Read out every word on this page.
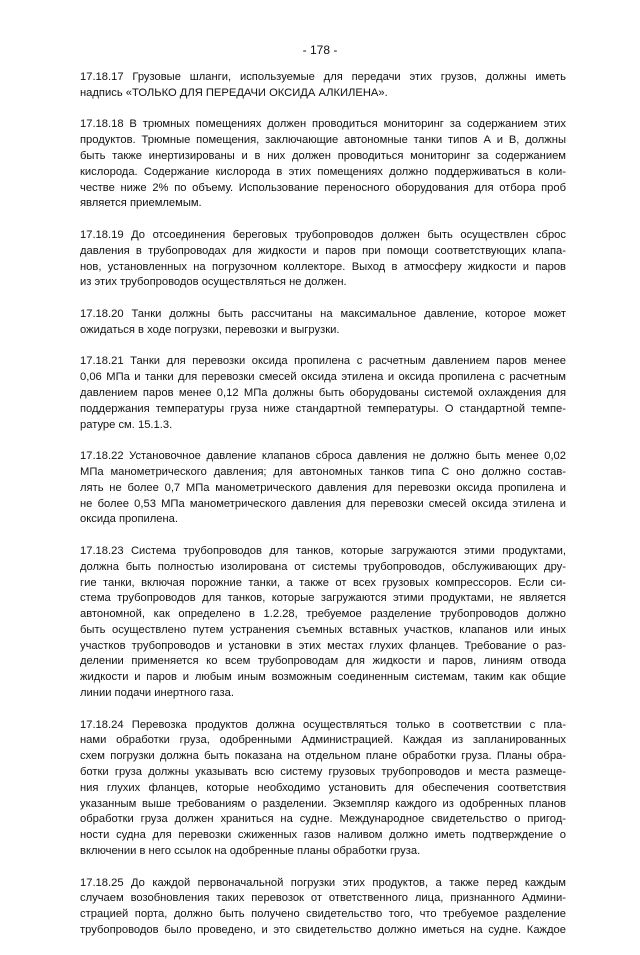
- 178 -
17.18.17 Грузовые шланги, используемые для передачи этих грузов, должны иметь
надпись «ТОЛЬКО ДЛЯ ПЕРЕДАЧИ ОКСИДА АЛКИЛЕНА».
17.18.18 В трюмных помещениях должен проводиться мониторинг за содержанием этих
продуктов. Трюмные помещения, заключающие автономные танки типов А и В, должны
быть также инертизированы и в них должен проводиться мониторинг за содержанием
кислорода. Содержание кислорода в этих помещениях должно поддерживаться в коли-
честве ниже 2% по объему. Использование переносного оборудования для отбора проб
является приемлемым.
17.18.19 До отсоединения береговых трубопроводов должен быть осуществлен сброс
давления в трубопроводах для жидкости и паров при помощи соответствующих клапа-
нов, установленных на погрузочном коллекторе. Выход в атмосферу жидкости и паров
из этих трубопроводов осуществляться не должен.
17.18.20 Танки должны быть рассчитаны на максимальное давление, которое может
ожидаться в ходе погрузки, перевозки и выгрузки.
17.18.21 Танки для перевозки оксида пропилена с расчетным давлением паров менее
0,06 МПа и танки для перевозки смесей оксида этилена и оксида пропилена с расчетным
давлением паров менее 0,12 МПа должны быть оборудованы системой охлаждения для
поддержания температуры груза ниже стандартной температуры. О стандартной темпе-
ратуре см. 15.1.3.
17.18.22 Установочное давление клапанов сброса давления не должно быть менее 0,02
МПа манометрического давления; для автономных танков типа С оно должно состав-
лять не более 0,7 МПа манометрического давления для перевозки оксида пропилена и
не более 0,53 МПа манометрического давления для перевозки смесей оксида этилена и
оксида пропилена.
17.18.23 Система трубопроводов для танков, которые загружаются этими продуктами,
должна быть полностью изолирована от системы трубопроводов, обслуживающих дру-
гие танки, включая порожние танки, а также от всех грузовых компрессоров. Если си-
стема трубопроводов для танков, которые загружаются этими продуктами, не является
автономной, как определено в 1.2.28, требуемое разделение трубопроводов должно
быть осуществлено путем устранения съемных вставных участков, клапанов или иных
участков трубопроводов и установки в этих местах глухих фланцев. Требование о раз-
делении применяется ко всем трубопроводам для жидкости и паров, линиям отвода
жидкости и паров и любым иным возможным соединенным системам, таким как общие
линии подачи инертного газа.
17.18.24 Перевозка продуктов должна осуществляться только в соответствии с пла-
нами обработки груза, одобренными Администрацией. Каждая из запланированных
схем погрузки должна быть показана на отдельном плане обработки груза. Планы обра-
ботки груза должны указывать всю систему грузовых трубопроводов и места размеще-
ния глухих фланцев, которые необходимо установить для обеспечения соответствия
указанным выше требованиям о разделении. Экземпляр каждого из одобренных планов
обработки груза должен храниться на судне. Международное свидетельство о пригод-
ности судна для перевозки сжиженных газов наливом должно иметь подтверждение о
включении в него ссылок на одобренные планы обработки груза.
17.18.25 До каждой первоначальной погрузки этих продуктов, а также перед каждым
случаем возобновления таких перевозок от ответственного лица, признанного Админи-
страцией порта, должно быть получено свидетельство того, что требуемое разделение
трубопроводов было проведено, и это свидетельство должно иметься на судне. Каждое
